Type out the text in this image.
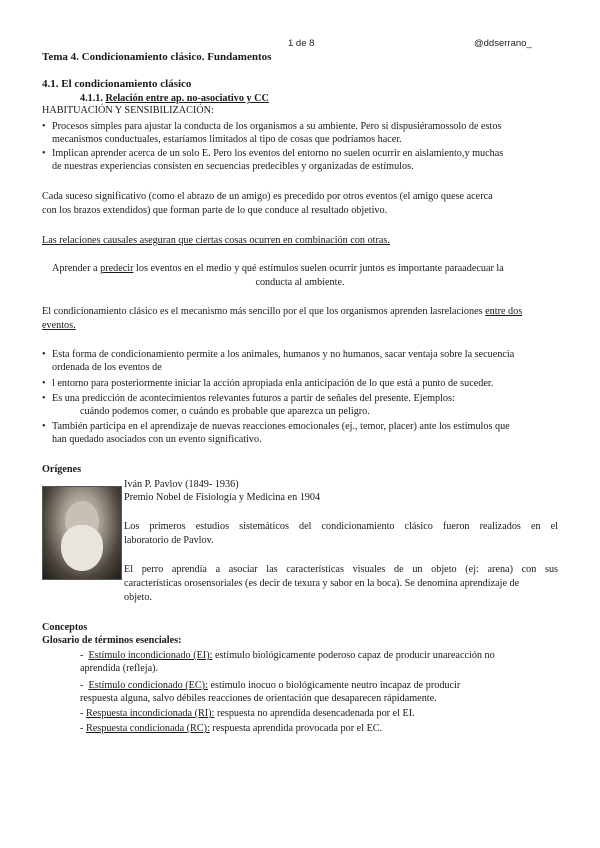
1 de 8	@ddserrano_
Tema 4. Condicionamiento clásico. Fundamentos
4.1. El condicionamiento clásico
4.1.1. Relación entre ap. no-asociativo y CC
HABITUACIÓN Y SENSIBILIZACIÓN:
• Procesos simples para ajustar la conducta de los organismos a su ambiente. Pero si dispusiéramossolo de estos
mecanismos conductuales, estaríamos limitados al tipo de cosas que podríamos hacer.
• Implican aprender acerca de un solo E. Pero los eventos del entorno no suelen ocurrir en aislamiento,y muchas
de nuestras experiencias consisten en secuencias predecibles y organizadas de estímulos.
Cada suceso significativo (como el abrazo de un amigo) es precedido por otros eventos (el amigo quese acerca
con los brazos extendidos) que forman parte de lo que conduce al resultado objetivo.
Las relaciones causales aseguran que ciertas cosas ocurren en combinación con otras.
Aprender a predecir los eventos en el medio y qué estímulos suelen ocurrir juntos es importante paraadecuar la
conducta al ambiente.
El condicionamiento clásico es el mecanismo más sencillo por el que los organismos aprenden lasrelaciones entre dos
eventos.
• Esta forma de condicionamiento permite a los animales, humanos y no humanos, sacar ventaja sobre la secuencia
ordenada de los eventos de
• l entorno para posteriormente iniciar la acción apropiada enla anticipación de lo que está a punto de suceder.
• Es una predicción de acontecimientos relevantes futuros a partir de señales del presente. Ejemplos:
cuándo podemos comer, o cuándo es probable que aparezca un peligro.
• También participa en el aprendizaje de nuevas reacciones emocionales (ej., temor, placer) ante los estímulos que
han quedado asociados con un evento significativo.
Orígenes
Iván P. Pavlov (1849- 1936)
Premio Nobel de Fisiología y Medicina en 1904
Los primeros estudios sistemáticos del condicionamiento clásico fueron realizados en el
laboratorio de Pavlov.
El perro aprendía a asociar las características visuales de un objeto (ej: arena) con sus
características orosensoriales (es decir de texura y sabor en la boca). Se denomina aprendizaje de
objeto.
Conceptos
Glosario de términos esenciales:
-  Estímulo incondicionado (EI): estímulo biológicamente poderoso capaz de producir unareacción no
aprendida (refleja).
-  Estímulo condicionado (EC): estímulo inocuo o biológicamente neutro incapaz de producir
respuesta alguna, salvo débiles reacciones de orientación que desaparecen rápidamente.
- Respuesta incondicionada (RI): respuesta no aprendida desencadenada por el EI.
- Respuesta condicionada (RC): respuesta aprendida provocada por el EC.
